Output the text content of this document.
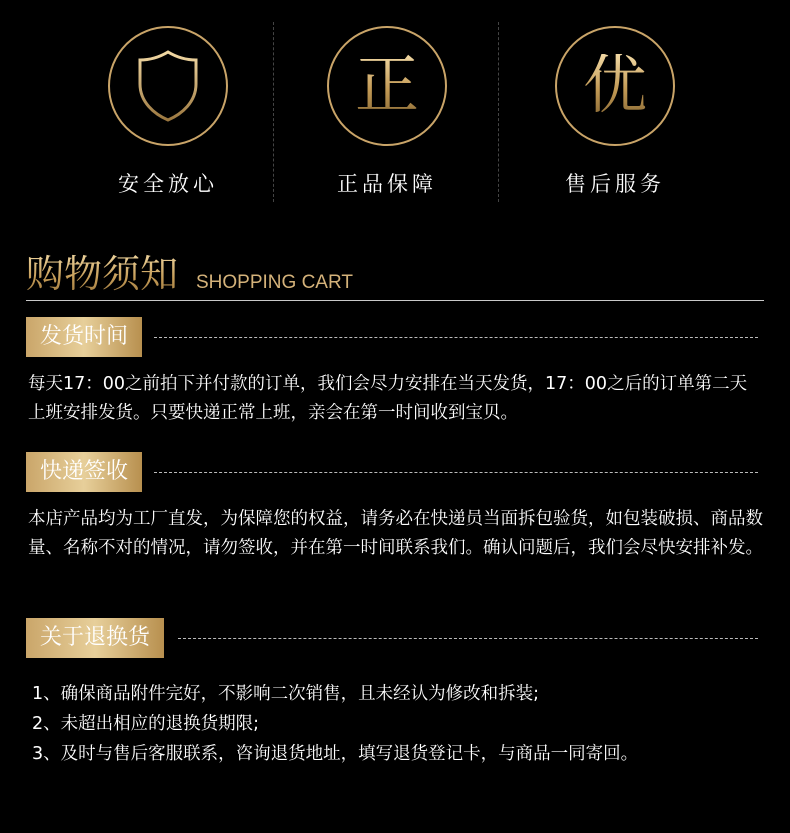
安全放心
正
正品保障
优
售后服务
购物须知 SHOPPING CART
发货时间
每天17：00之前拍下并付款的订单，我们会尽力安排在当天发货，17：00之后的订单第二天上班安排发货。只要快递正常上班，亲会在第一时间收到宝贝。
快递签收
本店产品均为工厂直发，为保障您的权益，请务必在快递员当面拆包验货，如包装破损、商品数量、名称不对的情况，请勿签收，并在第一时间联系我们。确认问题后，我们会尽快安排补发。
关于退换货
1、确保商品附件完好，不影响二次销售，且未经认为修改和拆装;
2、未超出相应的退换货期限;
3、及时与售后客服联系，咨询退货地址，填写退货登记卡，与商品一同寄回。
